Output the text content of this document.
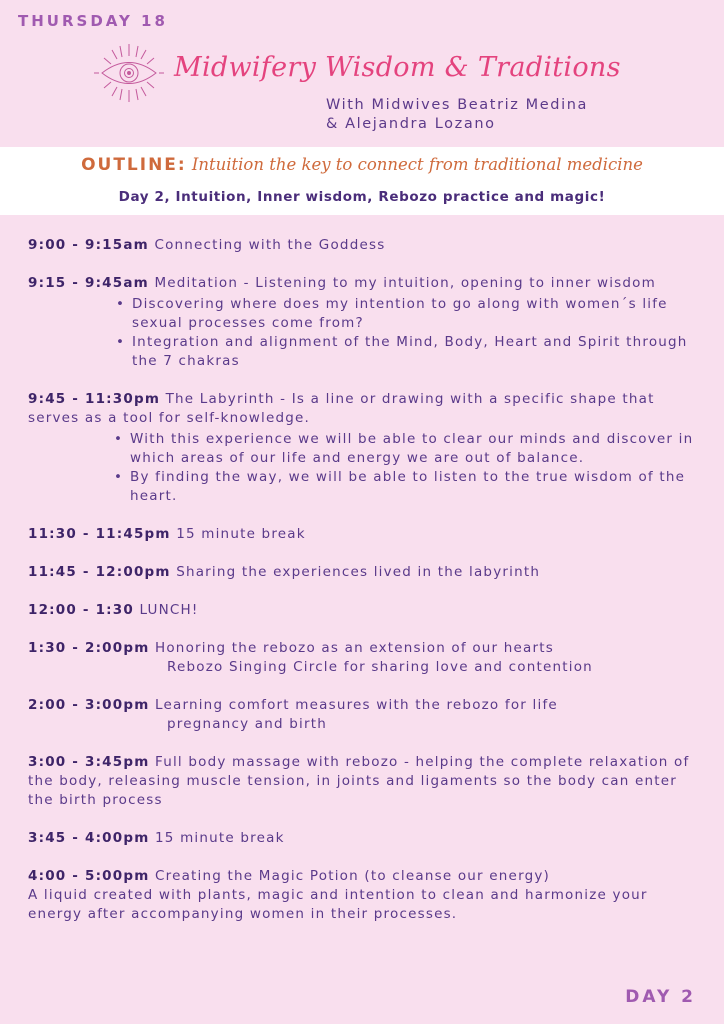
THURSDAY 18
Midwifery Wisdom & Traditions
With Midwives Beatriz Medina
& Alejandra Lozano
OUTLINE: Intuition the key to connect from traditional medicine
Day 2, Intuition, Inner wisdom, Rebozo practice and magic!
9:00 - 9:15am Connecting with the Goddess
9:15 - 9:45am Meditation - Listening to my intuition, opening to inner wisdom
• Discovering where does my intention to go along with women´s life sexual processes come from?
• Integration and alignment of the Mind, Body, Heart and Spirit through the 7 chakras
9:45 - 11:30pm The Labyrinth - Is a line or drawing with a specific shape that serves as a tool for self-knowledge.
• With this experience we will be able to clear our minds and discover in which areas of our life and energy we are out of balance.
• By finding the way, we will be able to listen to the true wisdom of the heart.
11:30 - 11:45pm 15 minute break
11:45 - 12:00pm Sharing the experiences lived in the labyrinth
12:00 - 1:30 LUNCH!
1:30 - 2:00pm Honoring the rebozo as an extension of our hearts
Rebozo Singing Circle for sharing love and contention
2:00 - 3:00pm Learning comfort measures with the rebozo for life
pregnancy and birth
3:00 - 3:45pm Full body massage with rebozo - helping the complete relaxation of the body, releasing muscle tension, in joints and ligaments so the body can enter the birth process
3:45 - 4:00pm 15 minute break
4:00 - 5:00pm Creating the Magic Potion (to cleanse our energy)
A liquid created with plants, magic and intention to clean and harmonize your energy after accompanying women in their processes.
DAY 2
